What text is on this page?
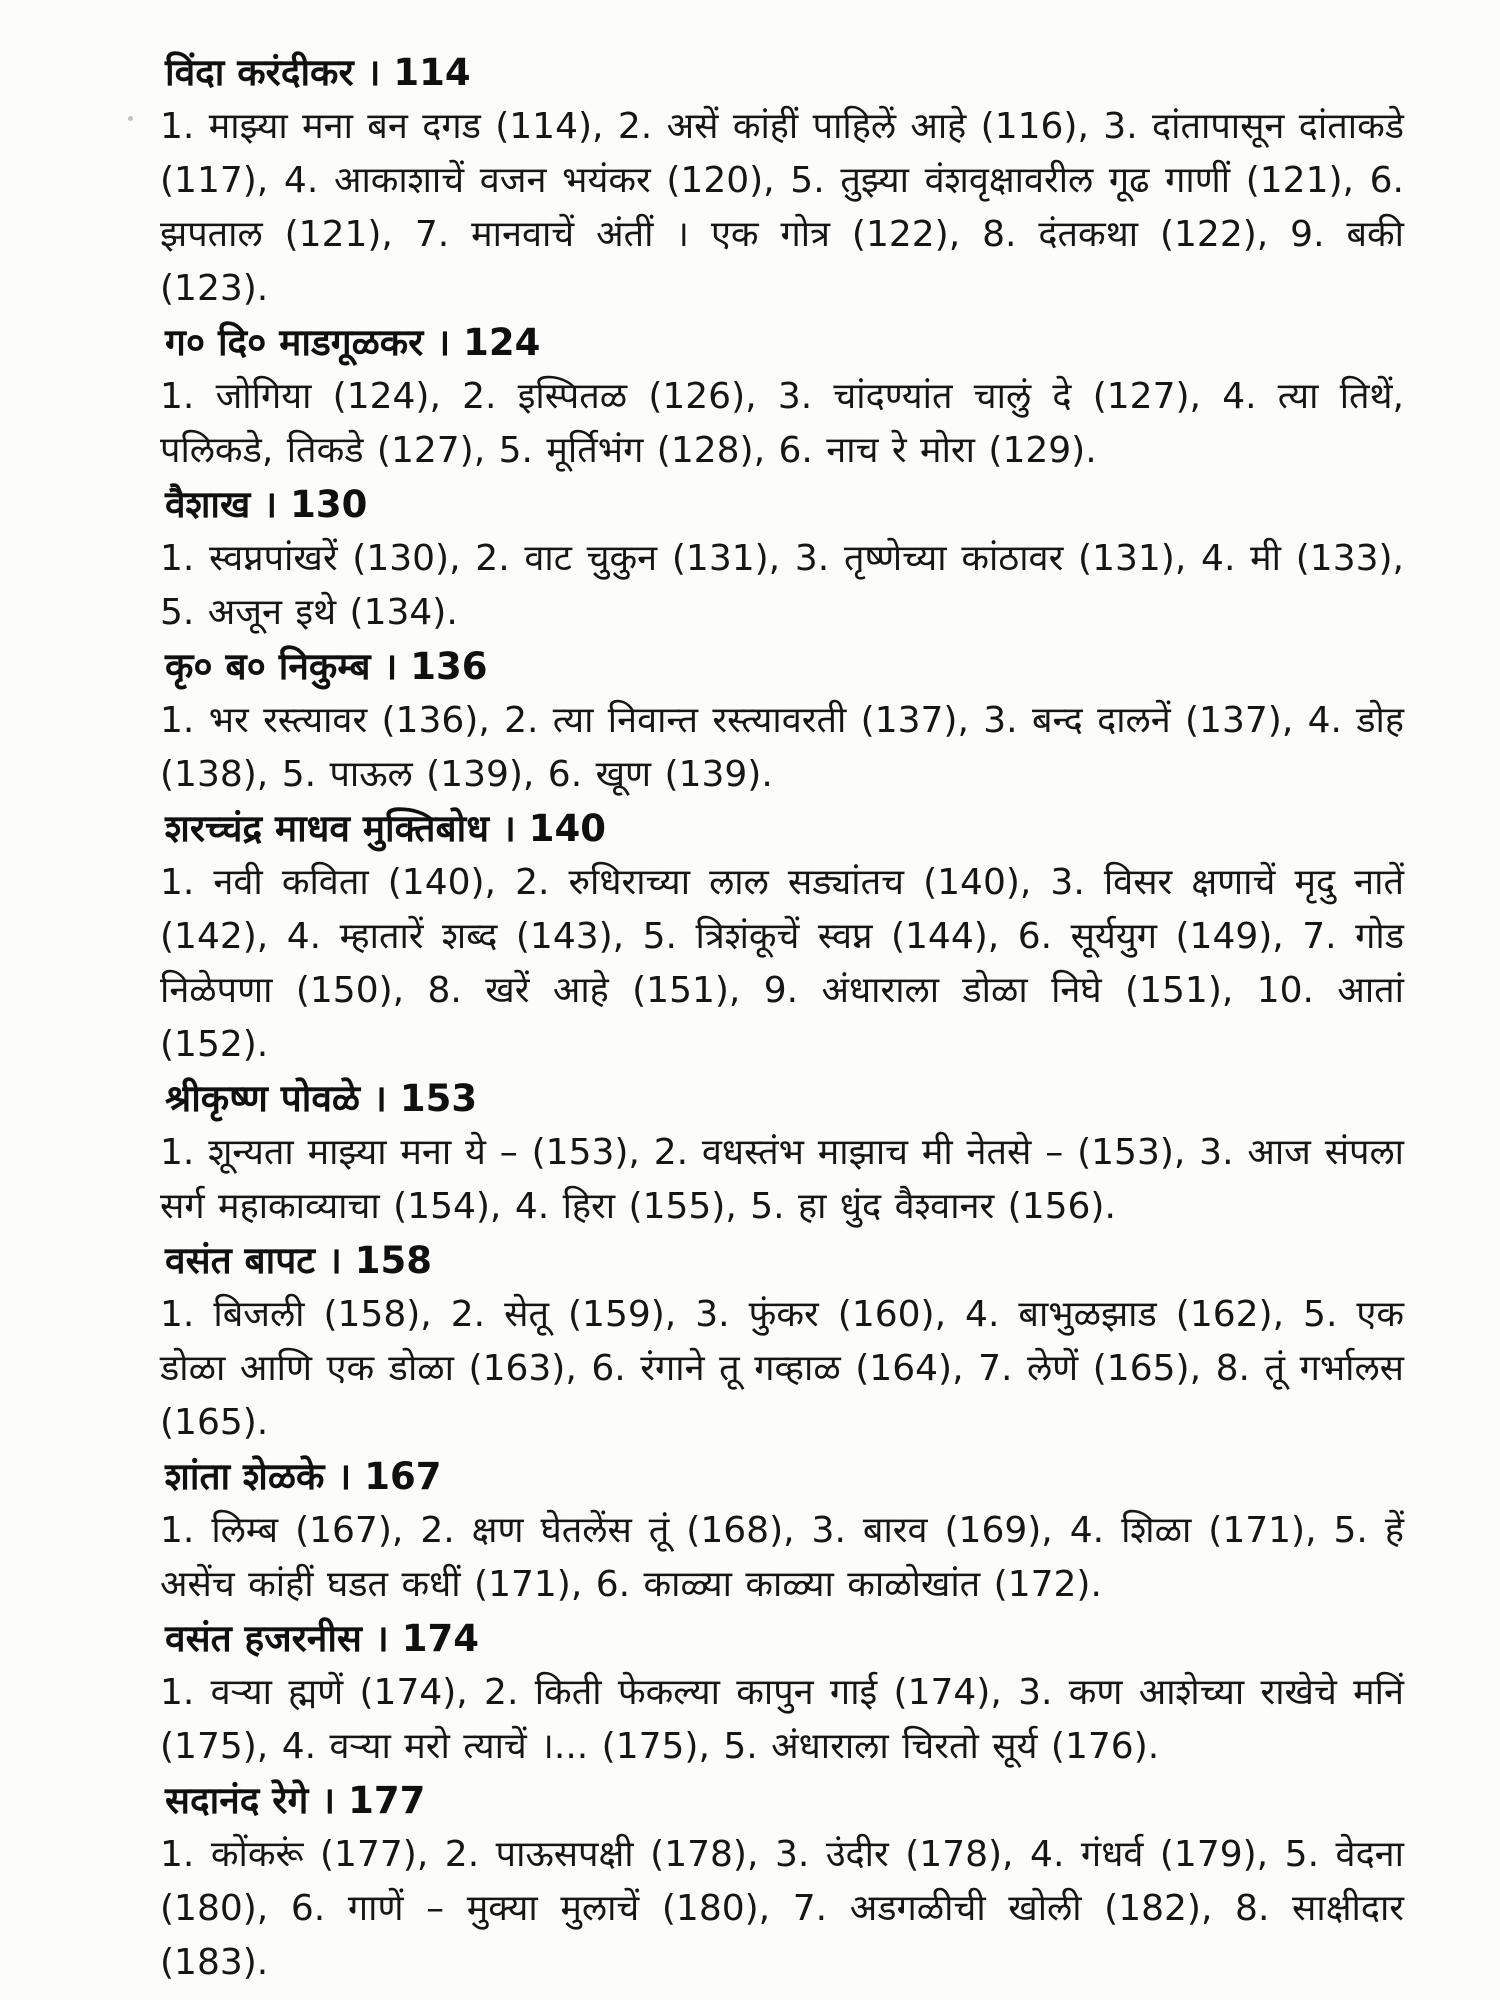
विंदा करंदीकर । 114

1. माझ्या मना बन दगड (114), 2. असें कांहीं पाहिलें आहे (116), 3. दांतापासून दांताकडे (117), 4. आकाशाचें वजन भयंकर (120), 5. तुझ्या वंशवृक्षावरील गूढ गाणीं (121), 6. झपताल (121), 7. मानवाचें अंतीं । एक गोत्र (122), 8. दंतकथा (122), 9. बकी (123).

ग० दि० माडगूळकर । 124

1. जोगिया (124), 2. इस्पितळ (126), 3. चांदण्यांत चालुं दे (127), 4. त्या तिथें, पलिकडे, तिकडे (127), 5. मूर्तिभंग (128), 6. नाच रे मोरा (129).

वैशाख । 130

1. स्वप्नपांखरें (130), 2. वाट चुकुन (131), 3. तृष्णेच्या कांठावर (131), 4. मी (133), 5. अजून इथे (134).

कृ० ब० निकुम्ब । 136

1. भर रस्त्यावर (136), 2. त्या निवान्त रस्त्यावरती (137), 3. बन्द दालनें (137), 4. डोह (138), 5. पाऊल (139), 6. खूण (139).

शरच्चंद्र माधव मुक्तिबोध । 140

1. नवी कविता (140), 2. रुधिराच्या लाल सड्यांतच (140), 3. विसर क्षणाचें मृदु नातें (142), 4. म्हातारें शब्द (143), 5. त्रिशंकूचें स्वप्न (144), 6. सूर्ययुग (149), 7. गोड निळेपणा (150), 8. खरें आहे (151), 9. अंधाराला डोळा निघे (151), 10. आतां (152).

श्रीकृष्ण पोवळे । 153

1. शून्यता माझ्या मना ये – (153), 2. वधस्तंभ माझाच मी नेतसे – (153), 3. आज संपला सर्ग महाकाव्याचा (154), 4. हिरा (155), 5. हा धुंद वैश्वानर (156).

वसंत बापट । 158

1. बिजली (158), 2. सेतू (159), 3. फुंकर (160), 4. बाभुळझाड (162), 5. एक डोळा आणि एक डोळा (163), 6. रंगाने तू गव्हाळ (164), 7. लेणें (165), 8. तूं गर्भालस (165).

शांता शेळके । 167

1. लिम्ब (167), 2. क्षण घेतलेंस तूं (168), 3. बारव (169), 4. शिळा (171), 5. हें असेंच कांहीं घडत कधीं (171), 6. काळ्या काळ्या काळोखांत (172).

वसंत हजरनीस । 174

1. वऱ्या ह्मणें (174), 2. किती फेकल्या कापुन गाई (174), 3. कण आशेच्या राखेचे मनिं (175), 4. वऱ्या मरो त्याचें ।... (175), 5. अंधाराला चिरतो सूर्य (176).

सदानंद रेगे । 177

1. कोंकरूं (177), 2. पाऊसपक्षी (178), 3. उंदीर (178), 4. गंधर्व (179), 5. वेदना (180), 6. गाणें – मुक्या मुलाचें (180), 7. अडगळीची खोली (182), 8. साक्षीदार (183).
